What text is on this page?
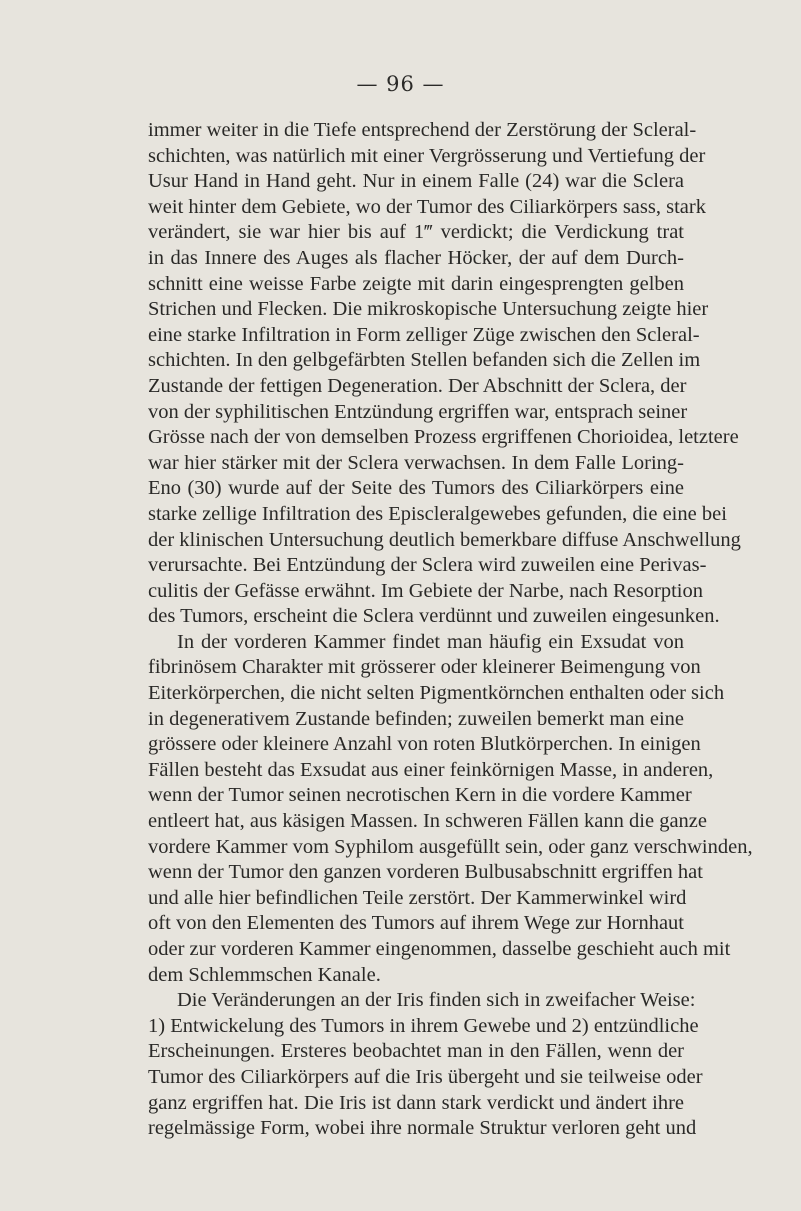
— 96 —
immer weiter in die Tiefe entsprechend der Zerstörung der Scleral-
schichten, was natürlich mit einer Vergrösserung und Vertiefung der
Usur Hand in Hand geht. Nur in einem Falle (24) war die Sclera
weit hinter dem Gebiete, wo der Tumor des Ciliarkörpers sass, stark
verändert, sie war hier bis auf 1‴ verdickt; die Verdickung trat
in das Innere des Auges als flacher Höcker, der auf dem Durch-
schnitt eine weisse Farbe zeigte mit darin eingesprengten gelben
Strichen und Flecken. Die mikroskopische Untersuchung zeigte hier
eine starke Infiltration in Form zelliger Züge zwischen den Scleral-
schichten. In den gelbgefärbten Stellen befanden sich die Zellen im
Zustande der fettigen Degeneration. Der Abschnitt der Sclera, der
von der syphilitischen Entzündung ergriffen war, entsprach seiner
Grösse nach der von demselben Prozess ergriffenen Chorioidea, letztere
war hier stärker mit der Sclera verwachsen. In dem Falle Loring-
Eno (30) wurde auf der Seite des Tumors des Ciliarkörpers eine
starke zellige Infiltration des Episcleralgewebes gefunden, die eine bei
der klinischen Untersuchung deutlich bemerkbare diffuse Anschwellung
verursachte. Bei Entzündung der Sclera wird zuweilen eine Perivas-
culitis der Gefässe erwähnt. Im Gebiete der Narbe, nach Resorption
des Tumors, erscheint die Sclera verdünnt und zuweilen eingesunken.
In der vorderen Kammer findet man häufig ein Exsudat von
fibrinösem Charakter mit grösserer oder kleinerer Beimengung von
Eiterkörperchen, die nicht selten Pigmentkörnchen enthalten oder sich
in degenerativem Zustande befinden; zuweilen bemerkt man eine
grössere oder kleinere Anzahl von roten Blutkörperchen. In einigen
Fällen besteht das Exsudat aus einer feinkörnigen Masse, in anderen,
wenn der Tumor seinen necrotischen Kern in die vordere Kammer
entleert hat, aus käsigen Massen. In schweren Fällen kann die ganze
vordere Kammer vom Syphilom ausgefüllt sein, oder ganz verschwinden,
wenn der Tumor den ganzen vorderen Bulbusabschnitt ergriffen hat
und alle hier befindlichen Teile zerstört. Der Kammerwinkel wird
oft von den Elementen des Tumors auf ihrem Wege zur Hornhaut
oder zur vorderen Kammer eingenommen, dasselbe geschieht auch mit
dem Schlemmschen Kanale.
Die Veränderungen an der Iris finden sich in zweifacher Weise:
1) Entwickelung des Tumors in ihrem Gewebe und 2) entzündliche
Erscheinungen. Ersteres beobachtet man in den Fällen, wenn der
Tumor des Ciliarkörpers auf die Iris übergeht und sie teilweise oder
ganz ergriffen hat. Die Iris ist dann stark verdickt und ändert ihre
regelmässige Form, wobei ihre normale Struktur verloren geht und
